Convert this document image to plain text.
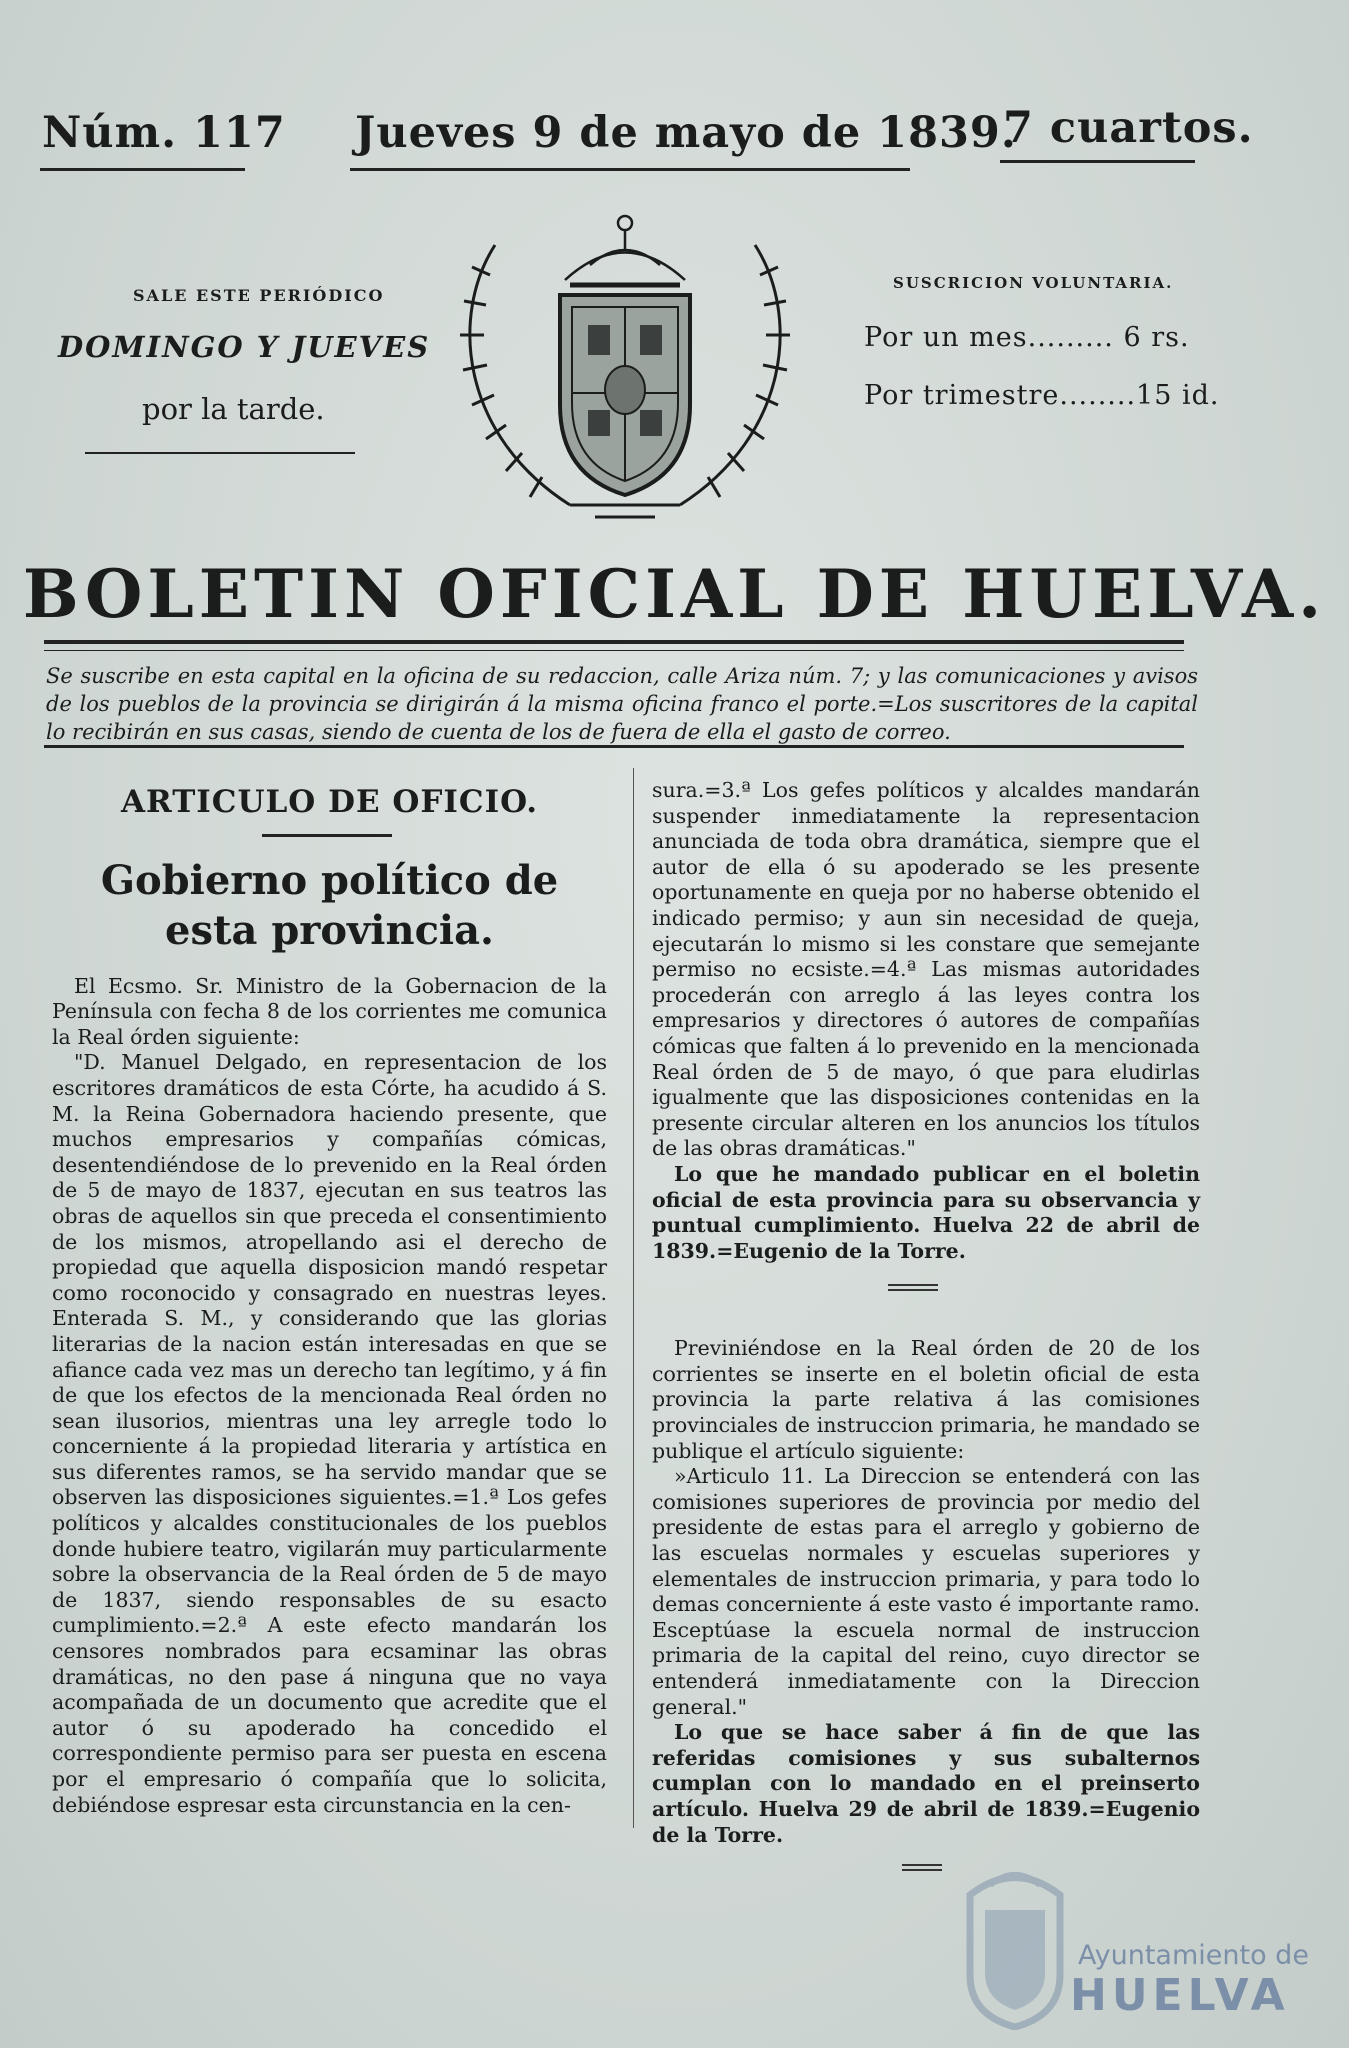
Núm. 117 Jueves 9 de mayo de 1839.
7 cuartos.
SALE ESTE PERIÓDICO
DOMINGO Y JUEVES
por la tarde.
SUSCRICION VOLUNTARIA.
Por un mes......... 6 rs.
Por trimestre........15 id.
BOLETIN OFICIAL DE HUELVA.
Se suscribe en esta capital en la oficina de su redaccion, calle Ariza núm. 7; y las comunicaciones y avisos de los pueblos de la provincia se dirigirán á la misma oficina franco el porte.=Los suscritores de la capital lo recibirán en sus casas, siendo de cuenta de los de fuera de ella el gasto de correo.
ARTICULO DE OFICIO.
Gobierno político de esta provincia.

El Ecsmo. Sr. Ministro de la Gobernacion de la Península con fecha 8 de los corrientes me comunica la Real órden siguiente:

"D. Manuel Delgado, en representacion de los escritores dramáticos de esta Córte, ha acudido á S. M. la Reina Gobernadora haciendo presente, que muchos empresarios y compañías cómicas, desentendiéndose de lo prevenido en la Real órden de 5 de mayo de 1837, ejecutan en sus teatros las obras de aquellos sin que preceda el consentimiento de los mismos, atropellando asi el derecho de propiedad que aquella disposicion mandó respetar como roconocido y consagrado en nuestras leyes. Enterada S. M., y considerando que las glorias literarias de la nacion están interesadas en que se afiance cada vez mas un derecho tan legítimo, y á fin de que los efectos de la mencionada Real órden no sean ilusorios, mientras una ley arregle todo lo concerniente á la propiedad literaria y artística en sus diferentes ramos, se ha servido mandar que se observen las disposiciones siguientes.=1.ª Los gefes políticos y alcaldes constitucionales de los pueblos donde hubiere teatro, vigilarán muy particularmente sobre la observancia de la Real órden de 5 de mayo de 1837, siendo responsables de su esacto cumplimiento.=2.ª A este efecto mandarán los censores nombrados para ecsaminar las obras dramáticas, no den pase á ninguna que no vaya acompañada de un documento que acredite que el autor ó su apoderado ha concedido el correspondiente permiso para ser puesta en escena por el empresario ó compañía que lo solicita, debiéndose espresar esta circunstancia en la cen-

sura.=3.ª Los gefes políticos y alcaldes mandarán suspender inmediatamente la representacion anunciada de toda obra dramática, siempre que el autor de ella ó su apoderado se les presente oportunamente en queja por no haberse obtenido el indicado permiso; y aun sin necesidad de queja, ejecutarán lo mismo si les constare que semejante permiso no ecsiste.=4.ª Las mismas autoridades procederán con arreglo á las leyes contra los empresarios y directores ó autores de compañías cómicas que falten á lo prevenido en la mencionada Real órden de 5 de mayo, ó que para eludirlas igualmente que las disposiciones contenidas en la presente circular alteren en los anuncios los títulos de las obras dramáticas."

Lo que he mandado publicar en el boletin oficial de esta provincia para su observancia y puntual cumplimiento. Huelva 22 de abril de 1839.=Eugenio de la Torre.

Previniéndose en la Real órden de 20 de los corrientes se inserte en el boletin oficial de esta provincia la parte relativa á las comisiones provinciales de instruccion primaria, he mandado se publique el artículo siguiente:

»Articulo 11. La Direccion se entenderá con las comisiones superiores de provincia por medio del presidente de estas para el arreglo y gobierno de las escuelas normales y escuelas superiores y elementales de instruccion primaria, y para todo lo demas concerniente á este vasto é importante ramo. Esceptúase la escuela normal de instruccion primaria de la capital del reino, cuyo director se entenderá inmediatamente con la Direccion general."

Lo que se hace saber á fin de que las referidas comisiones y sus subalternos cumplan con lo mandado en el preinserto artículo. Huelva 29 de abril de 1839.=Eugenio de la Torre.

Ayuntamiento de
HUELVA
